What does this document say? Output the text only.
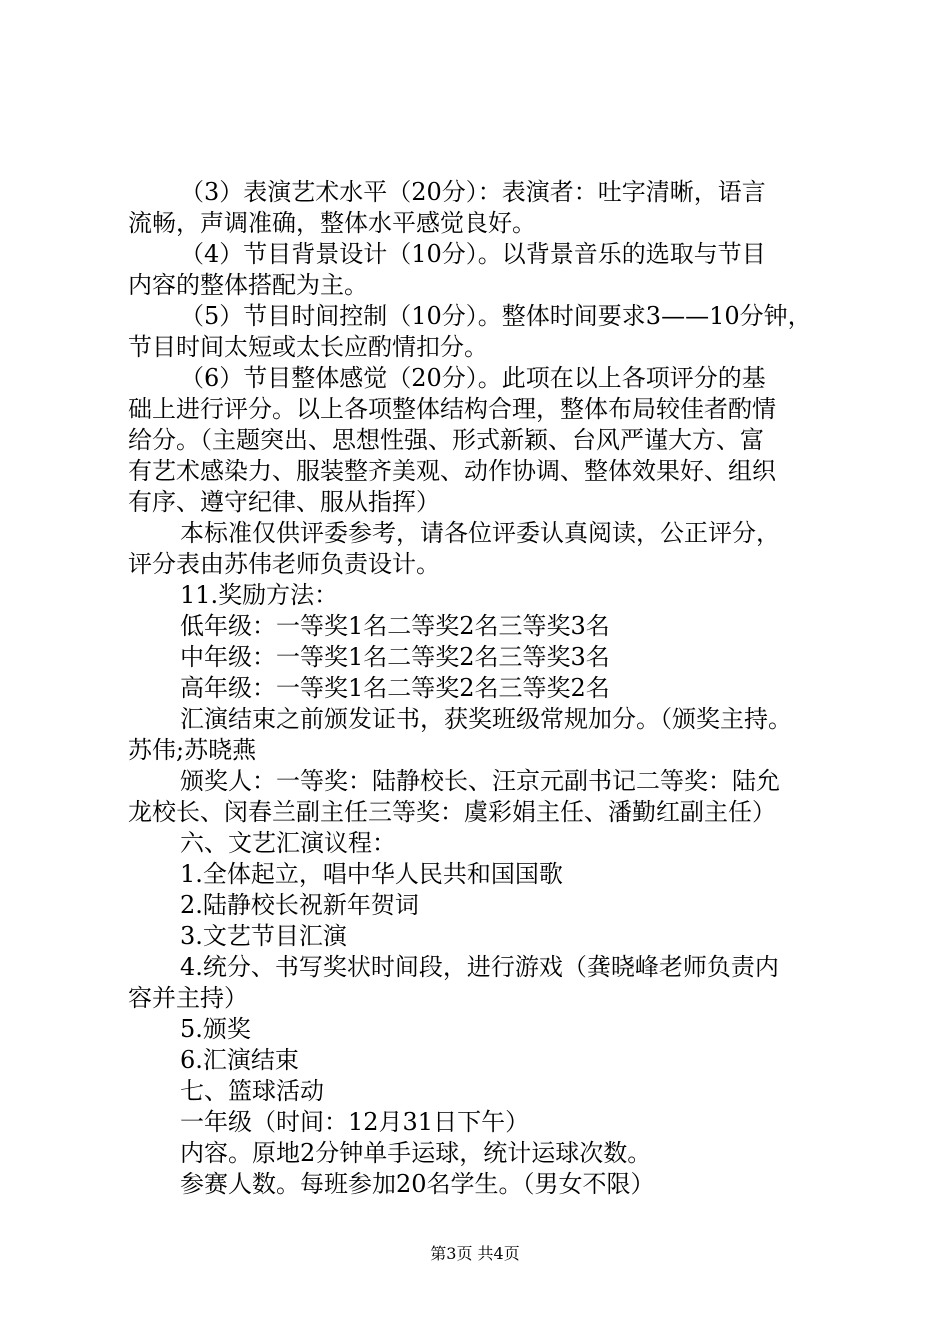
（3）表演艺术水平（20分）：表演者：吐字清晰，语言
流畅，声调准确，整体水平感觉良好。
（4）节目背景设计（10分）。以背景音乐的选取与节目
内容的整体搭配为主。
（5）节目时间控制（10分）。整体时间要求3——10分钟，
节目时间太短或太长应酌情扣分。
（6）节目整体感觉（20分）。此项在以上各项评分的基
础上进行评分。以上各项整体结构合理，整体布局较佳者酌情
给分。（主题突出、思想性强、形式新颖、台风严谨大方、富
有艺术感染力、服装整齐美观、动作协调、整体效果好、组织
有序、遵守纪律、服从指挥）
本标准仅供评委参考，请各位评委认真阅读，公正评分，
评分表由苏伟老师负责设计。
11.奖励方法：
低年级：一等奖1名二等奖2名三等奖3名
中年级：一等奖1名二等奖2名三等奖3名
高年级：一等奖1名二等奖2名三等奖2名
汇演结束之前颁发证书，获奖班级常规加分。（颁奖主持。
苏伟;苏晓燕
颁奖人：一等奖：陆静校长、汪京元副书记二等奖：陆允
龙校长、闵春兰副主任三等奖：虞彩娟主任、潘勤红副主任）
六、文艺汇演议程：
1.全体起立，唱中华人民共和国国歌
2.陆静校长祝新年贺词
3.文艺节目汇演
4.统分、书写奖状时间段，进行游戏（龚晓峰老师负责内
容并主持）
5.颁奖
6.汇演结束
七、篮球活动
一年级（时间：12月31日下午）
内容。原地2分钟单手运球，统计运球次数。
参赛人数。每班参加20名学生。（男女不限）
第3页 共4页
